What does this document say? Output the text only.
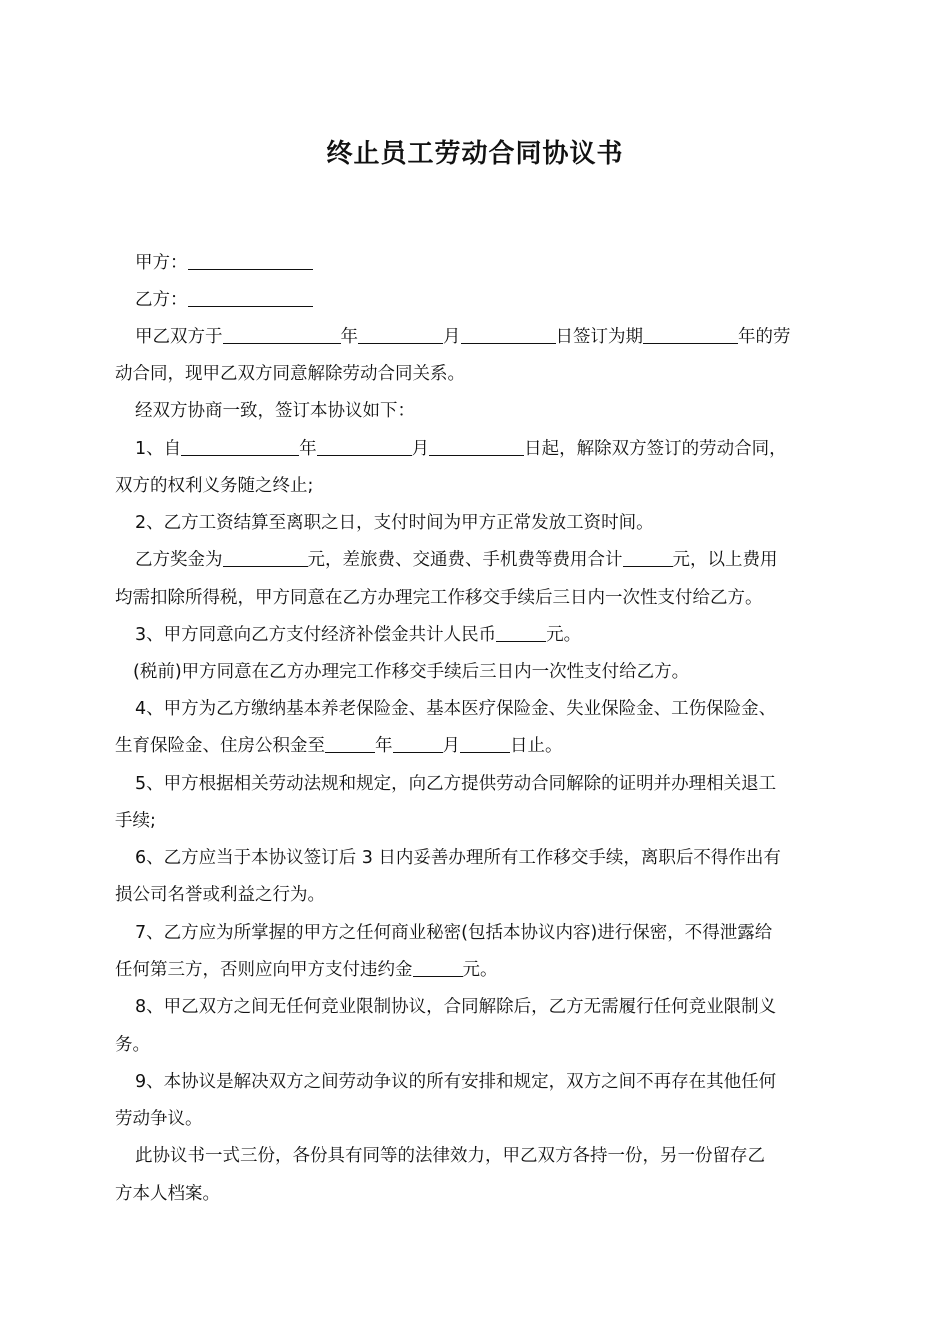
终止员工劳动合同协议书

甲方：

乙方：

甲乙双方于	年	月	日签订为期	年的劳

动合同，现甲乙双方同意解除劳动合同关系。

经双方协商一致，签订本协议如下：

1、自	年	月	日起，解除双方签订的劳动合同，

双方的权利义务随之终止;

2、乙方工资结算至离职之日，支付时间为甲方正常发放工资时间。

乙方奖金为	元，差旅费、交通费、手机费等费用合计	元，以上费用

均需扣除所得税，甲方同意在乙方办理完工作移交手续后三日内一次性支付给乙方。

3、甲方同意向乙方支付经济补偿金共计人民币	元。

(税前)甲方同意在乙方办理完工作移交手续后三日内一次性支付给乙方。

4、甲方为乙方缴纳基本养老保险金、基本医疗保险金、失业保险金、工伤保险金、

生育保险金、住房公积金至	年	月	日止。

5、甲方根据相关劳动法规和规定，向乙方提供劳动合同解除的证明并办理相关退工

手续;

6、乙方应当于本协议签订后 3 日内妥善办理所有工作移交手续，离职后不得作出有

损公司名誉或利益之行为。

7、乙方应为所掌握的甲方之任何商业秘密(包括本协议内容)进行保密，不得泄露给

任何第三方，否则应向甲方支付违约金	元。

8、甲乙双方之间无任何竞业限制协议，合同解除后，乙方无需履行任何竞业限制义

务。

9、本协议是解决双方之间劳动争议的所有安排和规定，双方之间不再存在其他任何

劳动争议。

此协议书一式三份，各份具有同等的法律效力，甲乙双方各持一份，另一份留存乙

方本人档案。
